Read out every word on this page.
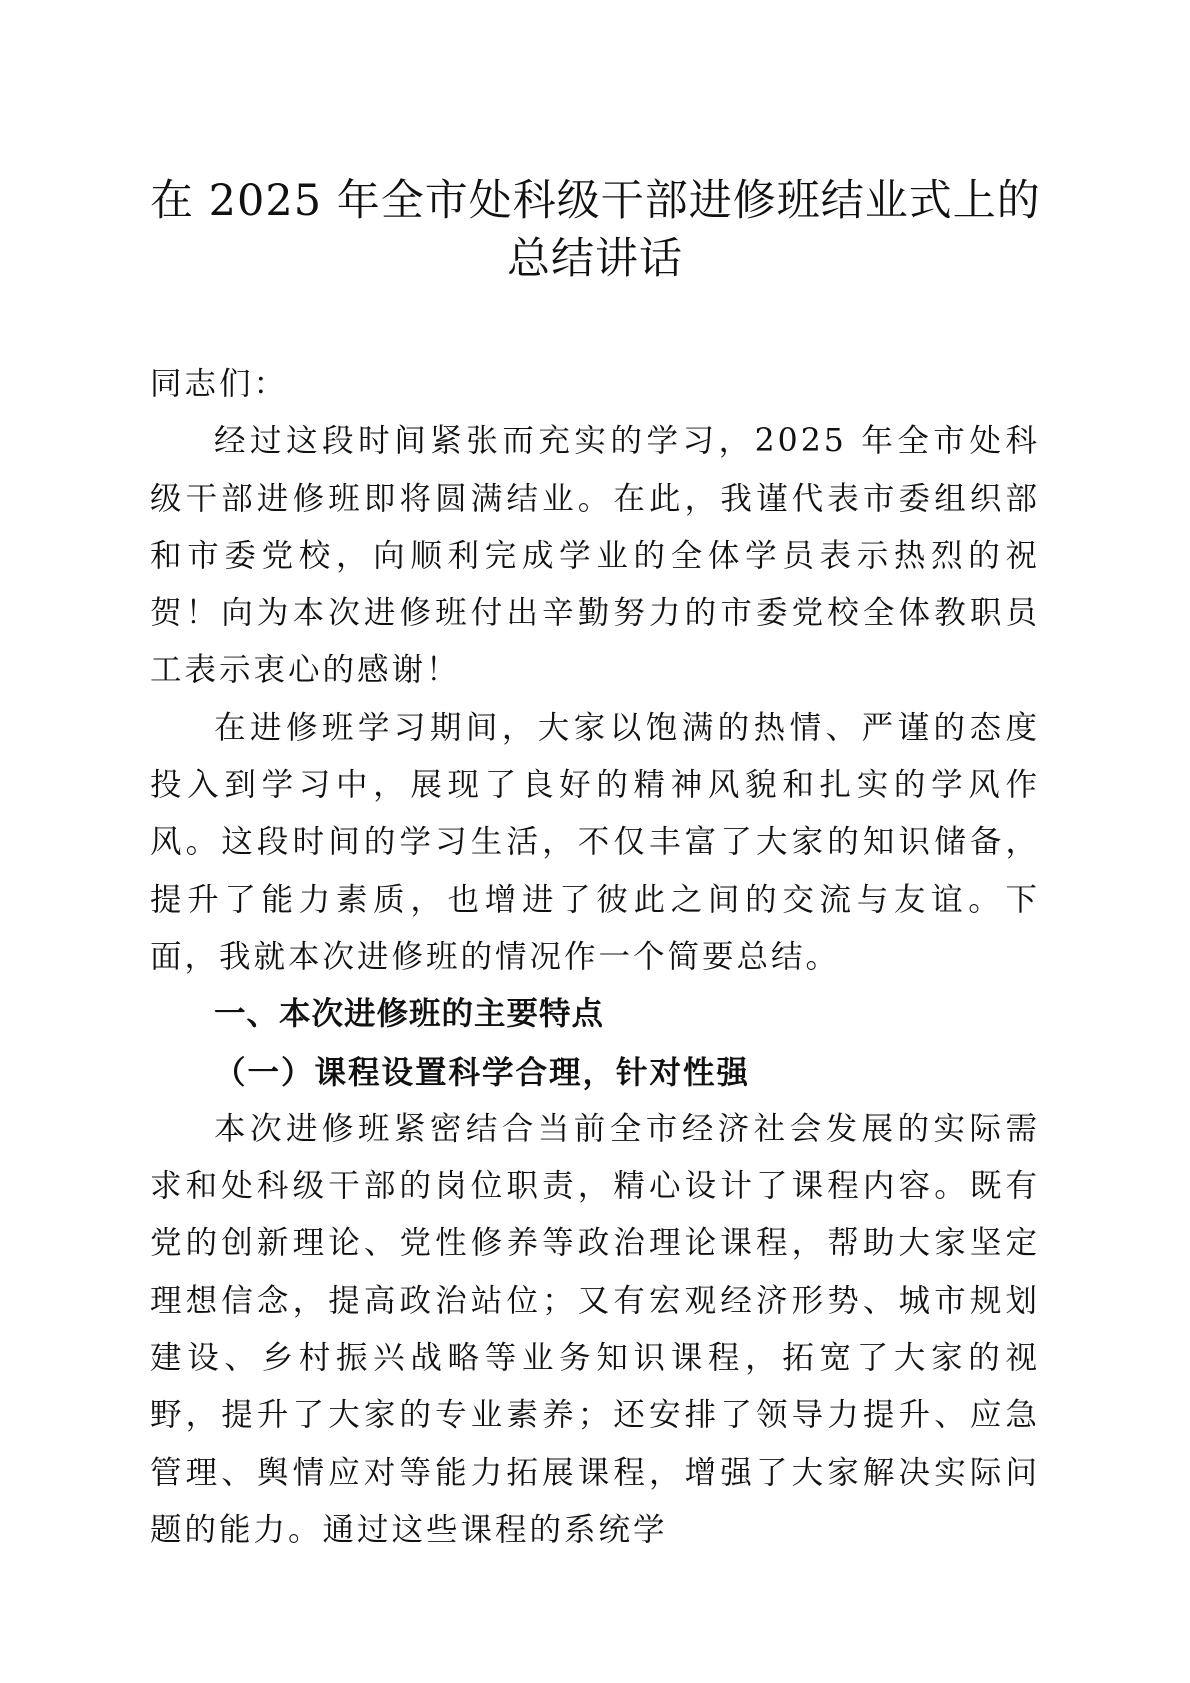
在 2025 年全市处科级干部进修班结业式上的
总结讲话

同志们：

经过这段时间紧张而充实的学习，2025 年全市处科级干部进修班即将圆满结业。在此，我谨代表市委组织部和市委党校，向顺利完成学业的全体学员表示热烈的祝贺！向为本次进修班付出辛勤努力的市委党校全体教职员工表示衷心的感谢！

在进修班学习期间，大家以饱满的热情、严谨的态度投入到学习中，展现了良好的精神风貌和扎实的学风作风。这段时间的学习生活，不仅丰富了大家的知识储备，提升了能力素质，也增进了彼此之间的交流与友谊。下面，我就本次进修班的情况作一个简要总结。

一、本次进修班的主要特点

（一）课程设置科学合理，针对性强

本次进修班紧密结合当前全市经济社会发展的实际需求和处科级干部的岗位职责，精心设计了课程内容。既有党的创新理论、党性修养等政治理论课程，帮助大家坚定理想信念，提高政治站位；又有宏观经济形势、城市规划建设、乡村振兴战略等业务知识课程，拓宽了大家的视野，提升了大家的专业素养；还安排了领导力提升、应急管理、舆情应对等能力拓展课程，增强了大家解决实际问题的能力。通过这些课程的系统学
